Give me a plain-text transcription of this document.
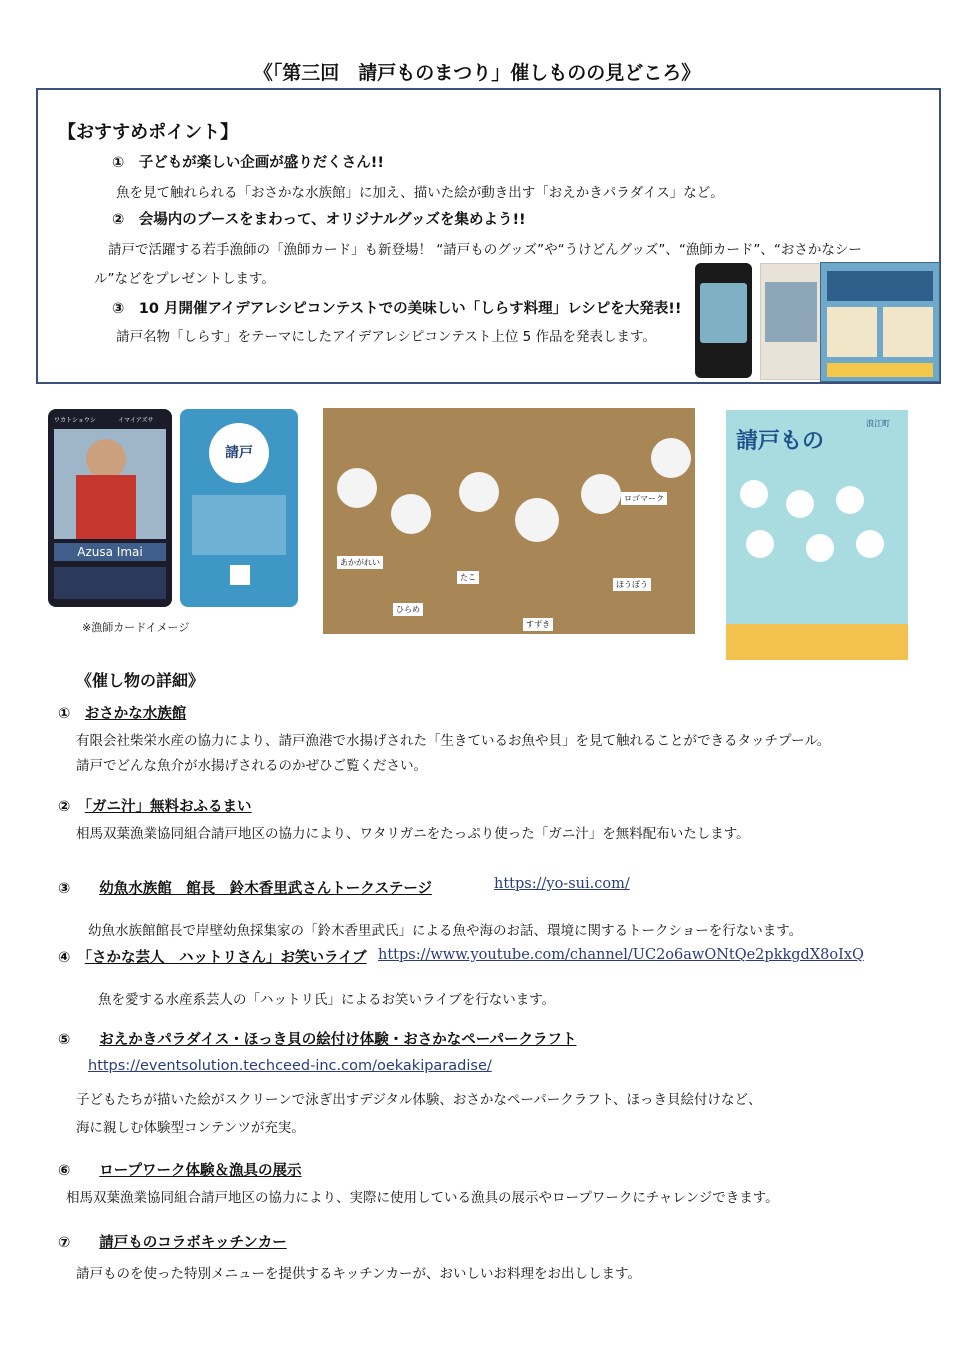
《「第三回　請戸ものまつり」催しものの見どころ》
【おすすめポイント】
①　子どもが楽しい企画が盛りだくさん!!
魚を見て触れられる「おさかな水族館」に加え、描いた絵が動き出す「おえかきパラダイス」など。
②　会場内のブースをまわって、オリジナルグッズを集めよう!!
請戸で活躍する若手漁師の「漁師カード」も新登場！ “請戸ものグッズ”や“うけどんグッズ”、“漁師カード”、“おさかなシー
ル”などをプレゼントします。
③　10 月開催アイデアレシピコンテストでの美味しい「しらす料理」レシピを大発表!!
請戸名物「しらす」をテーマにしたアイデアレシピコンテスト上位 5 作品を発表します。
ワカトショウシ	イマイアズサ
Azusa Imai
請戸
※漁師カードイメージ
あかがれい
たこ
ひらめ
すずき
ほうぼう
ロゴマーク
請戸もの
浪江町
《催し物の詳細》
①　 おさかな水族館
有限会社柴栄水産の協力により、請戸漁港で水揚げされた「生きているお魚や貝」を見て触れることができるタッチプール。
請戸でどんな魚介が水揚げされるのかぜひご覧ください。
②　 「ガニ汁」無料おふるまい
相馬双葉漁業協同組合請戸地区の協力により、ワタリガニをたっぷり使った「ガニ汁」を無料配布いたします。
③　　 幼魚水族館　館長　鈴木香里武さんトークステージ	https://yo-sui.com/
幼魚水族館館長で岸壁幼魚採集家の「鈴木香里武氏」による魚や海のお話、環境に関するトークショーを行ないます。
④　 「さかな芸人　ハットリさん」お笑いライブ https://www.youtube.com/channel/UC2o6awONtQe2pkkgdX8oIxQ
魚を愛する水産系芸人の「ハットリ氏」によるお笑いライブを行ないます。
⑤　　 おえかきパラダイス・ほっき貝の絵付け体験・おさかなペーパークラフト
https://eventsolution.techceed-inc.com/oekakiparadise/
子どもたちが描いた絵がスクリーンで泳ぎ出すデジタル体験、おさかなペーパークラフト、ほっき貝絵付けなど、
海に親しむ体験型コンテンツが充実。
⑥　　 ロープワーク体験＆漁具の展示
相馬双葉漁業協同組合請戸地区の協力により、実際に使用している漁具の展示やロープワークにチャレンジできます。
⑦　　 請戸ものコラボキッチンカー
請戸ものを使った特別メニューを提供するキッチンカーが、おいしいお料理をお出しします。
